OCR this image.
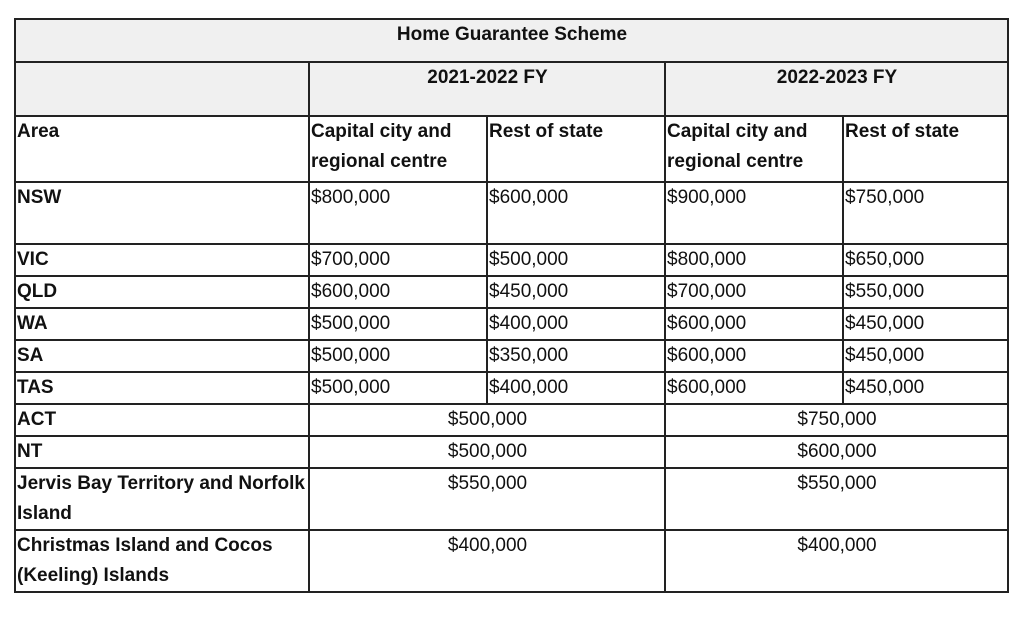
Home Guarantee Scheme				
	2021-2022 FY		2022-2023 FY	
Area	Capital city and regional centre	Rest of state	Capital city and regional centre	Rest of state
NSW	$800,000	$600,000	$900,000	$750,000
VIC	$700,000	$500,000	$800,000	$650,000
QLD	$600,000	$450,000	$700,000	$550,000
WA	$500,000	$400,000	$600,000	$450,000
SA	$500,000	$350,000	$600,000	$450,000
TAS	$500,000	$400,000	$600,000	$450,000
ACT	$500,000		$750,000	
NT	$500,000		$600,000	
Jervis Bay Territory and Norfolk Island	$550,000		$550,000	
Christmas Island and Cocos (Keeling) Islands	$400,000		$400,000	
